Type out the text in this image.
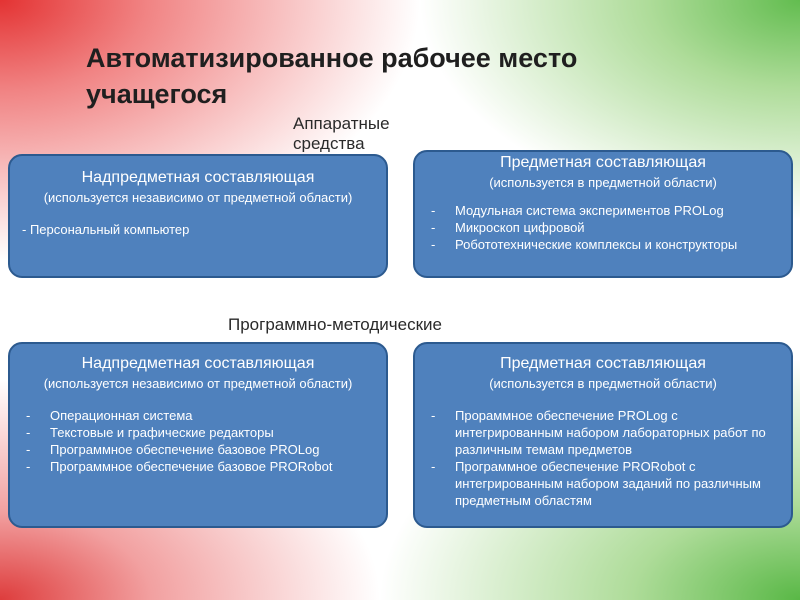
Автоматизированное рабочее место учащегося
Аппаратные средства
Надпредметная составляющая
(используется независимо от предметной области)
- Персональный компьютер
Предметная составляющая
(используется в предметной области)
- Модульная система экспериментов PROLog
- Микроскоп цифровой
- Робототехнические комплексы и конструкторы
Программно-методические
Надпредметная составляющая
(используется независимо от предметной области)
- Операционная система
- Текстовые и графические редакторы
- Программное обеспечение базовое PROLog
- Программное обеспечение базовое PRORobot
Предметная составляющая
(используется в предметной области)
- Прораммное обеспечение PROLog с интегрированным набором лабораторных работ по различным темам предметов
- Программное обеспечение PRORobot с интегрированным набором заданий по различным предметным областям
